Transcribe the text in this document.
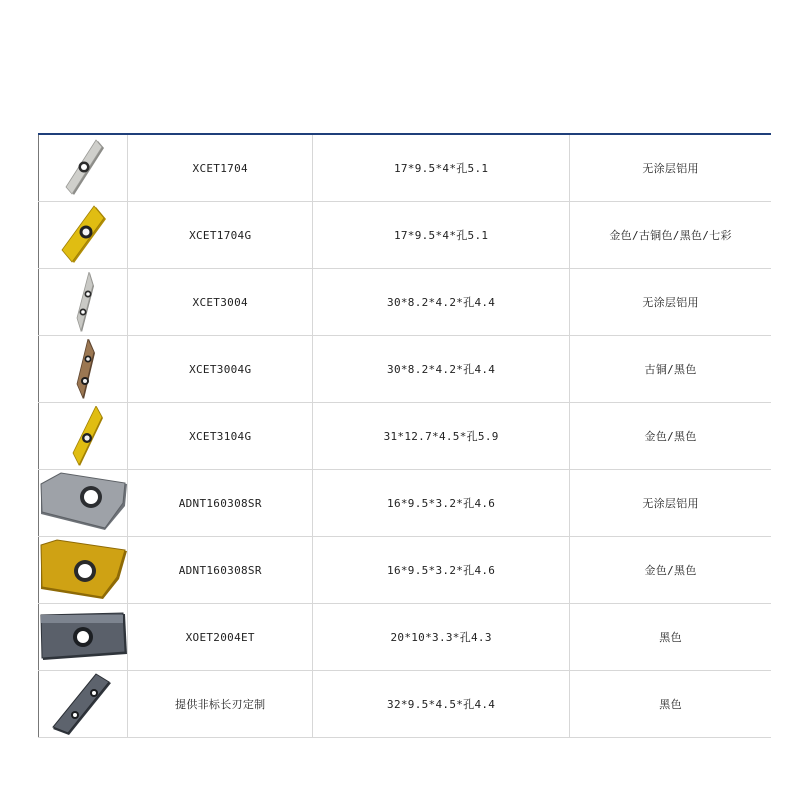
	XCET1704	17*9.5*4*孔5.1	无涂层铝用

	XCET1704G	17*9.5*4*孔5.1	金色/古铜色/黑色/七彩

	XCET3004	30*8.2*4.2*孔4.4	无涂层铝用

	XCET3004G	30*8.2*4.2*孔4.4	古铜/黑色

	XCET3104G	31*12.7*4.5*孔5.9	金色/黑色

	ADNT160308SR	16*9.5*3.2*孔4.6	无涂层铝用

	ADNT160308SR	16*9.5*3.2*孔4.6	金色/黑色

	XOET2004ET	20*10*3.3*孔4.3	黑色

	提供非标长刃定制	32*9.5*4.5*孔4.4	黑色
